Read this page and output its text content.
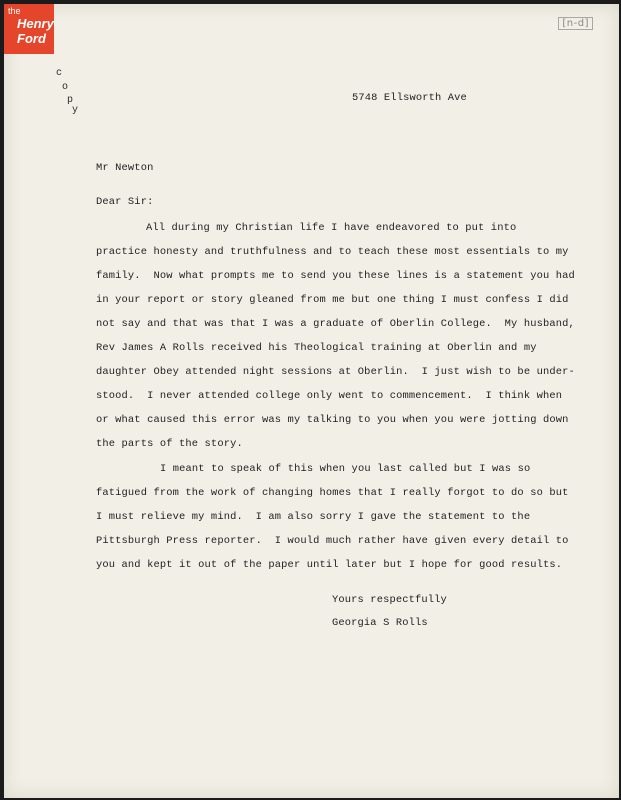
the
Henry
Ford
[n-d]
c
o
p
y
5748 Ellsworth Ave
Mr Newton
Dear Sir:
All during my Christian life I have endeavored to put into
practice honesty and truthfulness and to teach these most essentials to my
family.  Now what prompts me to send you these lines is a statement you had
in your report or story gleaned from me but one thing I must confess I did
not say and that was that I was a graduate of Oberlin College.  My husband,
Rev James A Rolls received his Theological training at Oberlin and my
daughter Obey attended night sessions at Oberlin.  I just wish to be under-
stood.  I never attended college only went to commencement.  I think when
or what caused this error was my talking to you when you were jotting down
the parts of the story.
I meant to speak of this when you last called but I was so
fatigued from the work of changing homes that I really forgot to do so but
I must relieve my mind.  I am also sorry I gave the statement to the
Pittsburgh Press reporter.  I would much rather have given every detail to
you and kept it out of the paper until later but I hope for good results.
Yours respectfully
Georgia S Rolls
